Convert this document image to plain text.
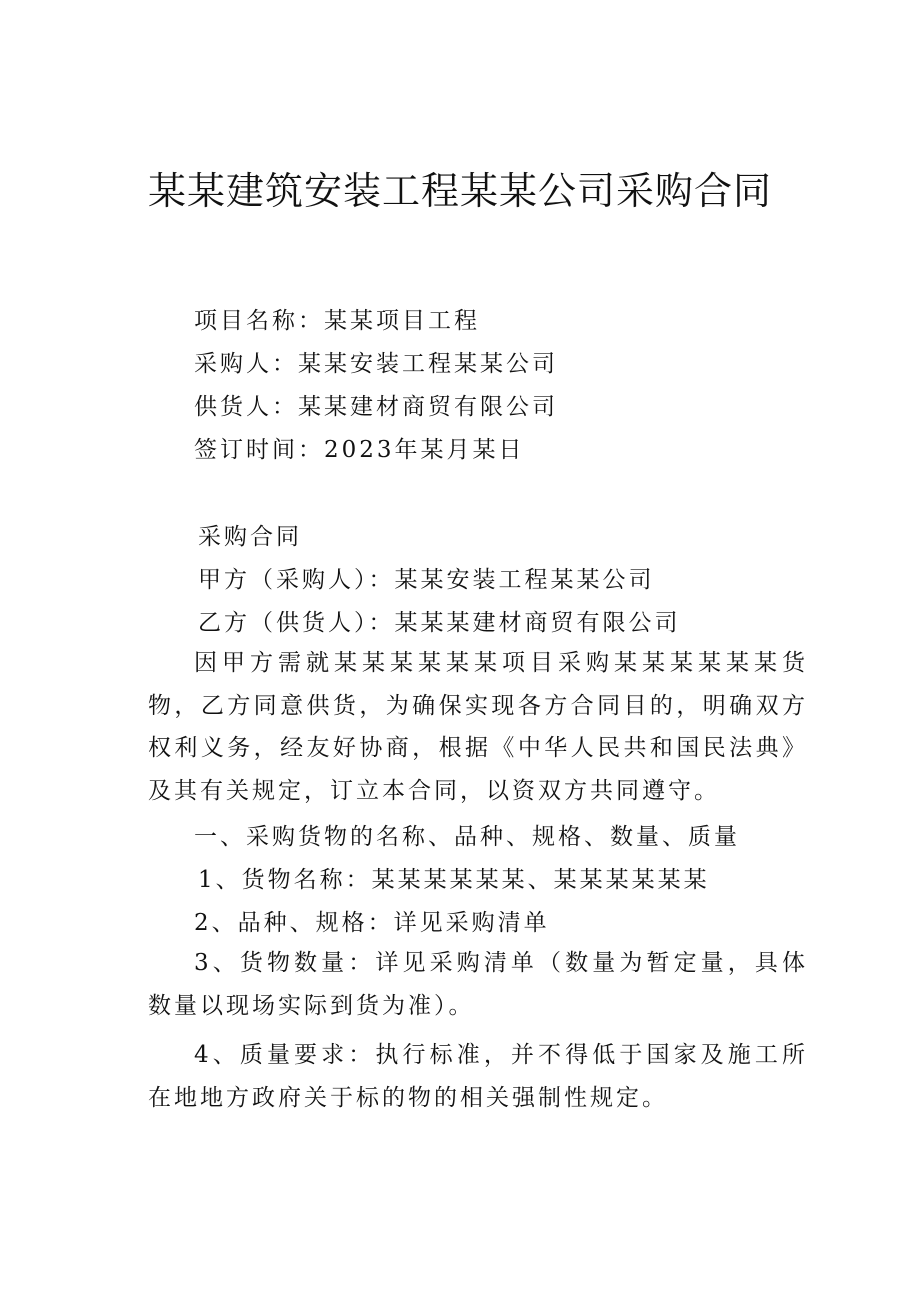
某某建筑安装工程某某公司采购合同
项目名称：某某项目工程
采购人：某某安装工程某某公司
供货人：某某建材商贸有限公司
签订时间：2023年某月某日
采购合同
甲方（采购人）：某某安装工程某某公司
乙方（供货人）：某某某建材商贸有限公司
因甲方需就某某某某某某项目采购某某某某某某货物，乙方同意供货，为确保实现各方合同目的，明确双方权利义务，经友好协商，根据《中华人民共和国民法典》及其有关规定，订立本合同，以资双方共同遵守。
一、采购货物的名称、品种、规格、数量、质量
1、货物名称：某某某某某某、某某某某某某
2、品种、规格：详见采购清单
3、货物数量：详见采购清单（数量为暂定量，具体数量以现场实际到货为准）。
4、质量要求：执行标准，并不得低于国家及施工所在地地方政府关于标的物的相关强制性规定。
